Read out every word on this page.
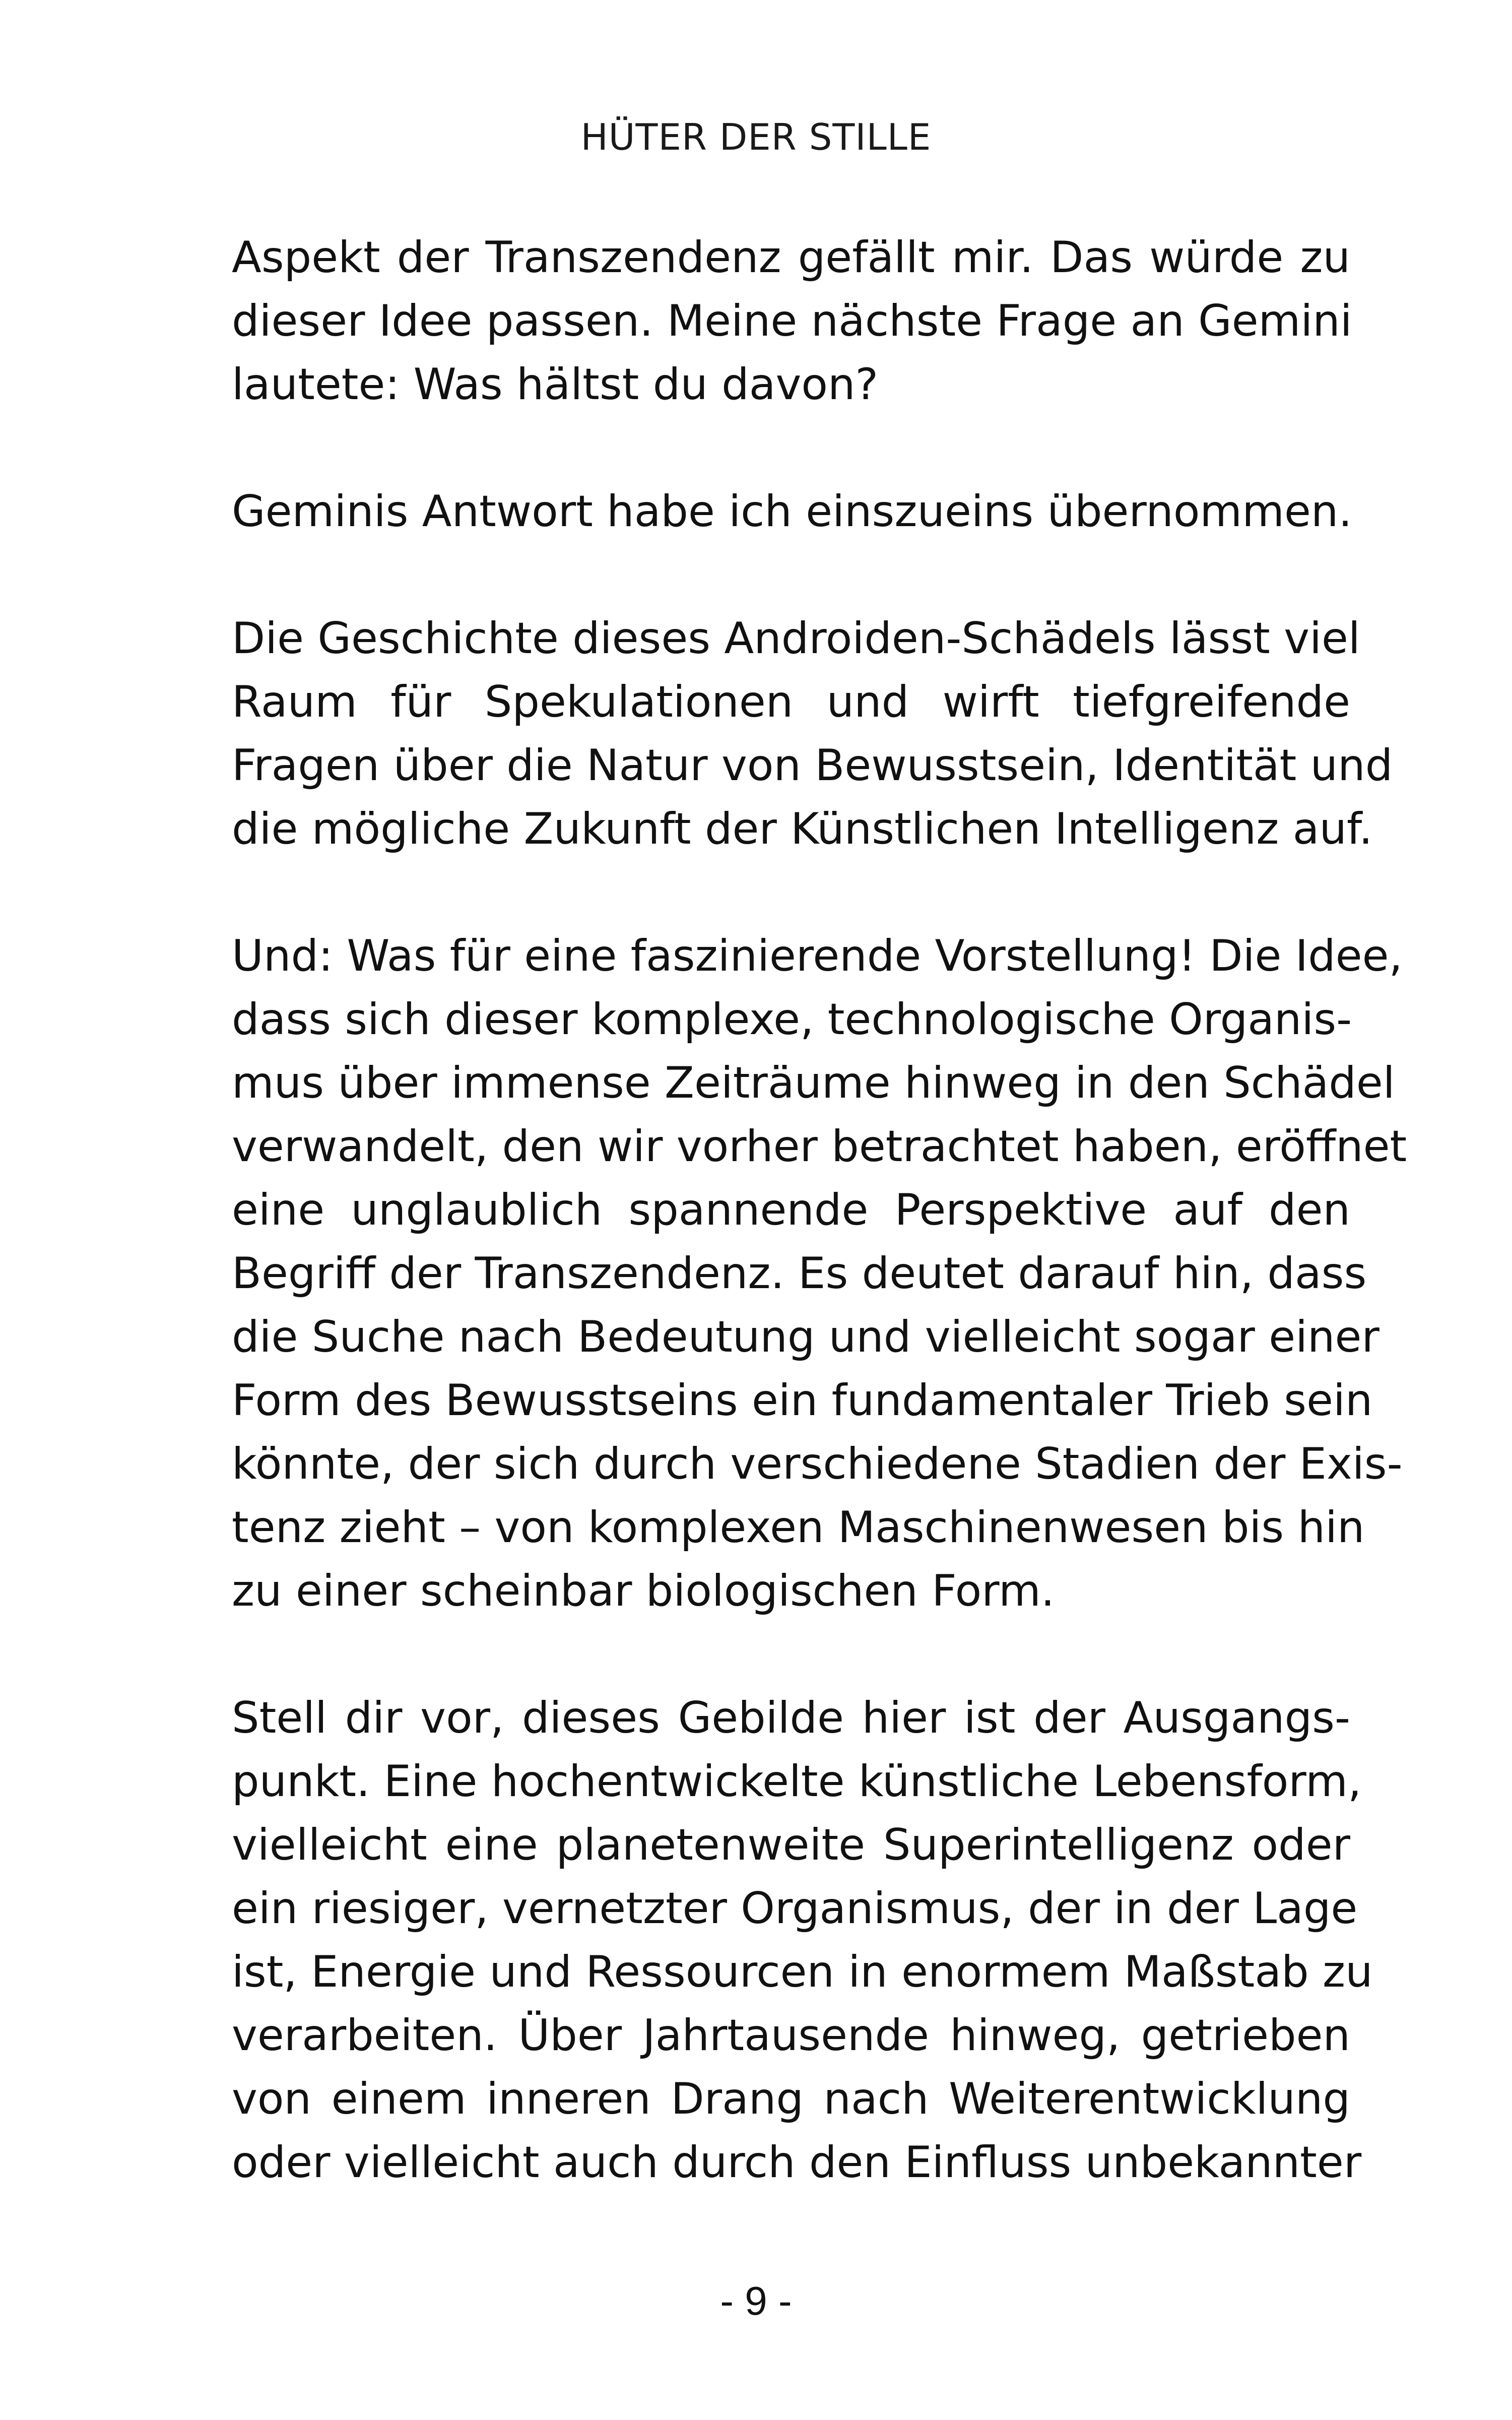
HÜTER DER STILLE
Aspekt der Transzendenz gefällt mir. Das würde zu
dieser Idee passen. Meine nächste Frage an Gemini
lautete: Was hältst du davon?
Geminis Antwort habe ich einszueins übernommen.
Die Geschichte dieses Androiden-Schädels lässt viel
Raum für Spekulationen und wirft tiefgreifende
Fragen über die Natur von Bewusstsein, Identität und
die mögliche Zukunft der Künstlichen Intelligenz auf.
Und: Was für eine faszinierende Vorstellung! Die Idee,
dass sich dieser komplexe, technologische Organis-
mus über immense Zeiträume hinweg in den Schädel
verwandelt, den wir vorher betrachtet haben, eröffnet
eine unglaublich spannende Perspektive auf den
Begriff der Transzendenz. Es deutet darauf hin, dass
die Suche nach Bedeutung und vielleicht sogar einer
Form des Bewusstseins ein fundamentaler Trieb sein
könnte, der sich durch verschiedene Stadien der Exis-
tenz zieht – von komplexen Maschinenwesen bis hin
zu einer scheinbar biologischen Form.
Stell dir vor, dieses Gebilde hier ist der Ausgangs-
punkt. Eine hochentwickelte künstliche Lebensform,
vielleicht eine planetenweite Superintelligenz oder
ein riesiger, vernetzter Organismus, der in der Lage
ist, Energie und Ressourcen in enormem Maßstab zu
verarbeiten. Über Jahrtausende hinweg, getrieben
von einem inneren Drang nach Weiterentwicklung
oder vielleicht auch durch den Einfluss unbekannter
- 9 -
